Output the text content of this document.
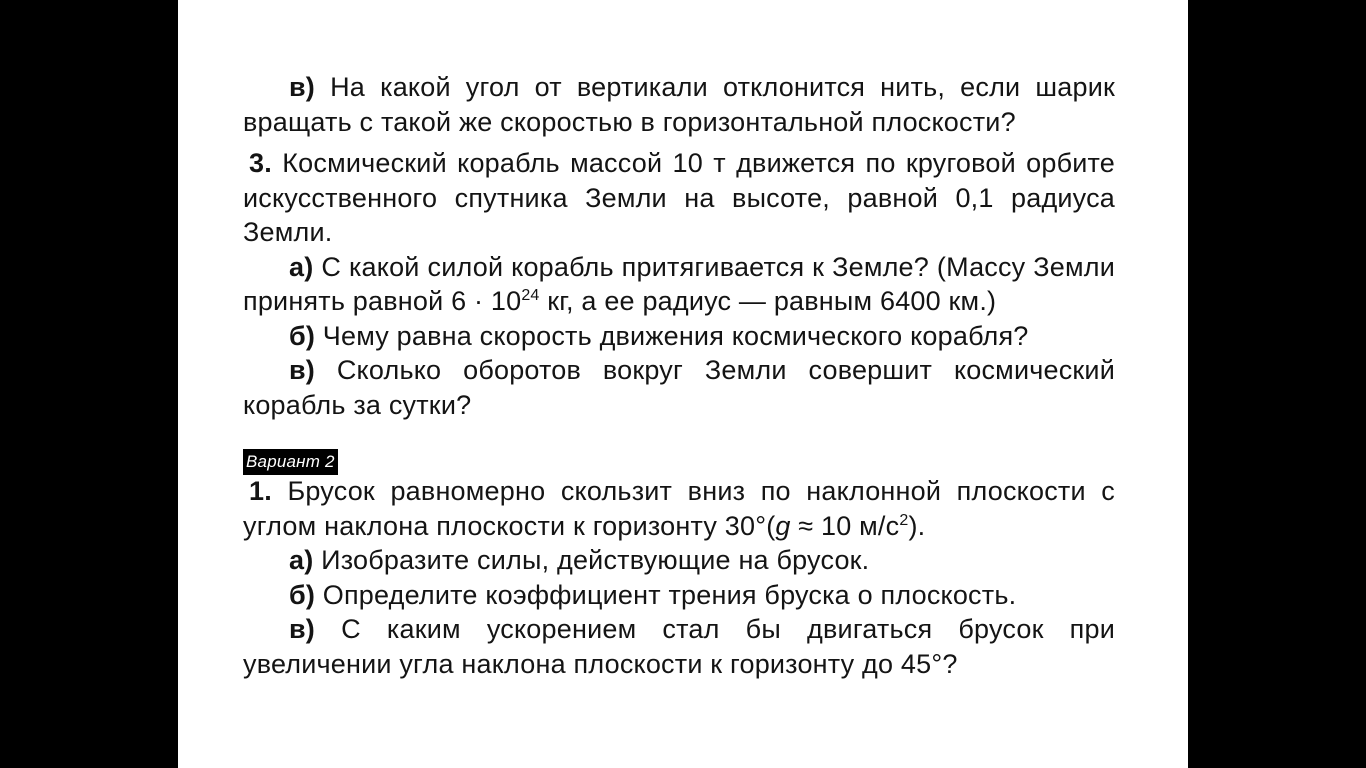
в) На какой угол от вертикали отклонится нить, если шарик вращать с такой же скоростью в горизонтальной плоскости?

3. Космический корабль массой 10 т движется по круговой орбите искусственного спутника Земли на высоте, равной 0,1 радиуса Земли.

а) С какой силой корабль притягивается к Земле? (Массу Земли принять равной $6 \cdot 10^{24}$ кг, а ее радиус — равным 6400 км.)

б) Чему равна скорость движения космического корабля?

в) Сколько оборотов вокруг Земли совершит космический корабль за сутки?

Вариант 2

1. Брусок равномерно скользит вниз по наклонной плоскости с углом наклона плоскости к горизонту 30°(g ≈ 10 $м/с^2$).

а) Изобразите силы, действующие на брусок.

б) Определите коэффициент трения бруска о плоскость.

в) С каким ускорением стал бы двигаться брусок при увеличении угла наклона плоскости к горизонту до 45°?
